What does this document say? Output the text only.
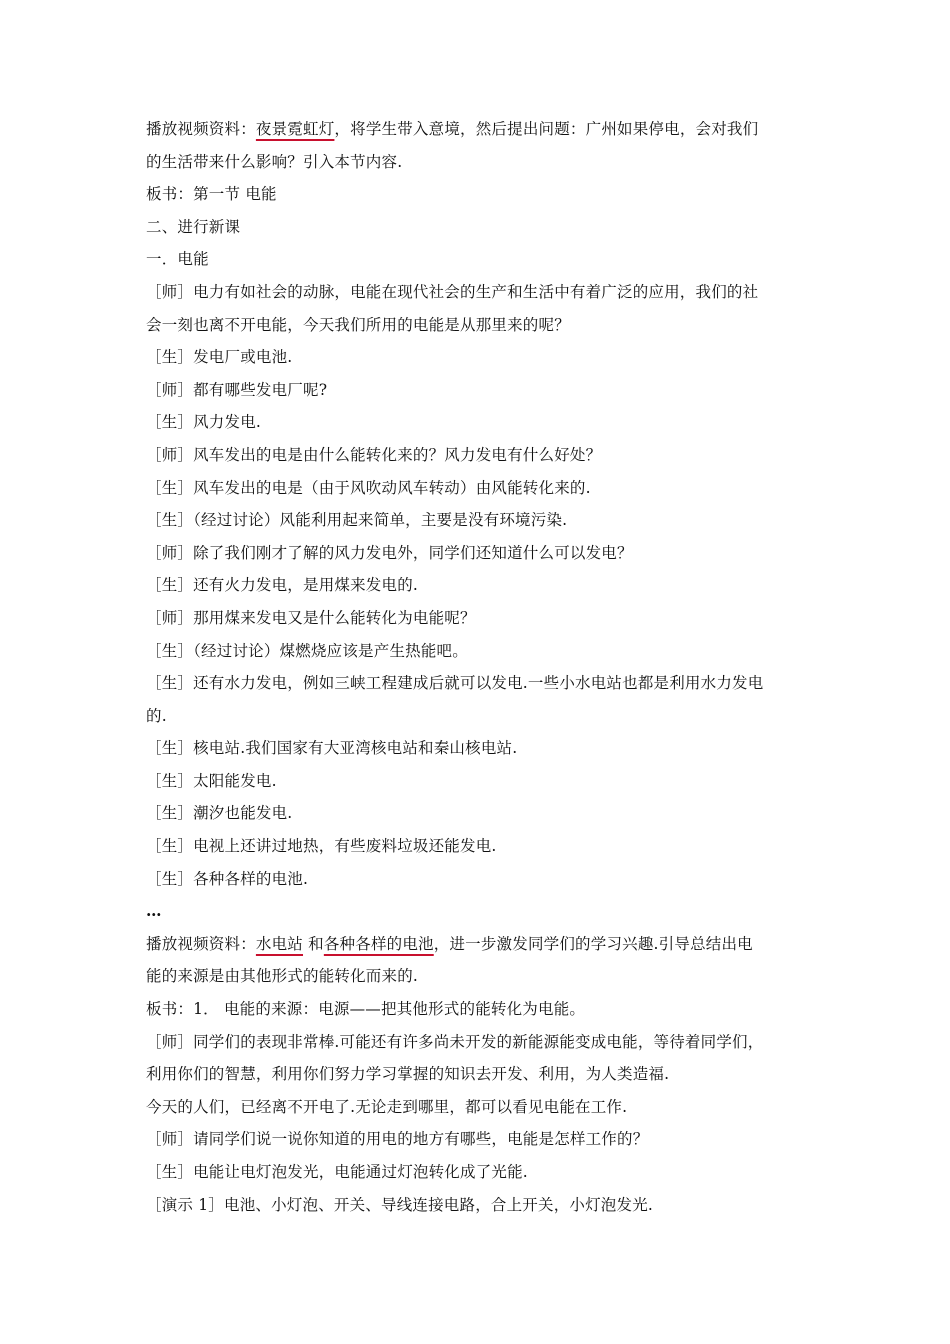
播放视频资料：夜景霓虹灯，将学生带入意境，然后提出问题：广州如果停电，会对我们
的生活带来什么影响？引入本节内容.
板书：第一节 电能
二、进行新课
一．电能
［师］电力有如社会的动脉，电能在现代社会的生产和生活中有着广泛的应用，我们的社
会一刻也离不开电能，今天我们所用的电能是从那里来的呢？
［生］发电厂或电池.
［师］都有哪些发电厂呢?
［生］风力发电.
［师］风车发出的电是由什么能转化来的？风力发电有什么好处？
［生］风车发出的电是（由于风吹动风车转动）由风能转化来的.
［生］（经过讨论）风能利用起来简单，主要是没有环境污染.
［师］除了我们刚才了解的风力发电外，同学们还知道什么可以发电？
［生］还有火力发电，是用煤来发电的.
［师］那用煤来发电又是什么能转化为电能呢？
［生］（经过讨论）煤燃烧应该是产生热能吧。
［生］还有水力发电，例如三峡工程建成后就可以发电.一些小水电站也都是利用水力发电
的.
［生］核电站.我们国家有大亚湾核电站和秦山核电站.
［生］太阳能发电.
［生］潮汐也能发电.
［生］电视上还讲过地热，有些废料垃圾还能发电.
［生］各种各样的电池.
…
播放视频资料：水电站 和各种各样的电池，进一步激发同学们的学习兴趣.引导总结出电
能的来源是由其他形式的能转化而来的.
板书：1． 电能的来源：电源——把其他形式的能转化为电能。
［师］同学们的表现非常棒.可能还有许多尚未开发的新能源能变成电能，等待着同学们，
利用你们的智慧，利用你们努力学习掌握的知识去开发、利用，为人类造福.
今天的人们，已经离不开电了.无论走到哪里，都可以看见电能在工作.
［师］请同学们说一说你知道的用电的地方有哪些，电能是怎样工作的？
［生］电能让电灯泡发光，电能通过灯泡转化成了光能.
［演示 1］电池、小灯泡、开关、导线连接电路，合上开关，小灯泡发光.
